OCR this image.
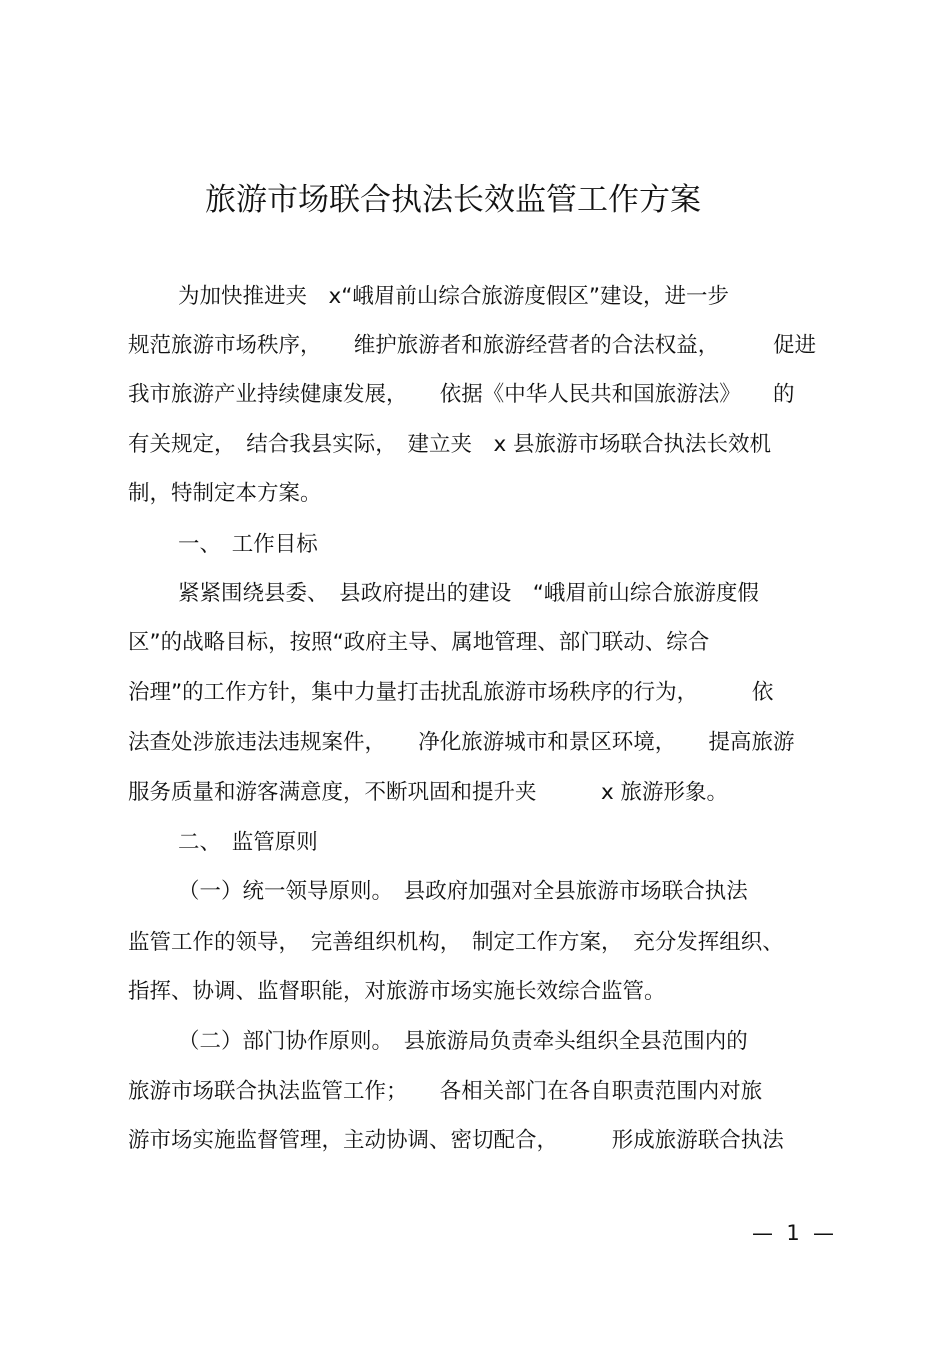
旅游市场联合执法长效监管工作方案
为加快推进夹　x“峨眉前山综合旅游度假区”建设，进一步
规范旅游市场秩序，　　维护旅游者和旅游经营者的合法权益，　　　促进
我市旅游产业持续健康发展，　　依据《中华人民共和国旅游法》　　的
有关规定，　结合我县实际，　建立夹　x 县旅游市场联合执法长效机
制，特制定本方案。
一、　工作目标
紧紧围绕县委、　县政府提出的建设　“峨眉前山综合旅游度假
区”的战略目标，按照“政府主导、属地管理、部门联动、综合
治理”的工作方针，集中力量打击扰乱旅游市场秩序的行为，　　　依
法查处涉旅违法违规案件，　　净化旅游城市和景区环境，　　提高旅游
服务质量和游客满意度，不断巩固和提升夹　　　x 旅游形象。
二、　监管原则
（一）统一领导原则。　县政府加强对全县旅游市场联合执法
监管工作的领导，　完善组织机构，　制定工作方案，　充分发挥组织、
指挥、协调、监督职能，对旅游市场实施长效综合监管。
（二）部门协作原则。　县旅游局负责牵头组织全县范围内的
旅游市场联合执法监管工作；　　各相关部门在各自职责范围内对旅
游市场实施监督管理，主动协调、密切配合，　　　形成旅游联合执法
—  1  —
